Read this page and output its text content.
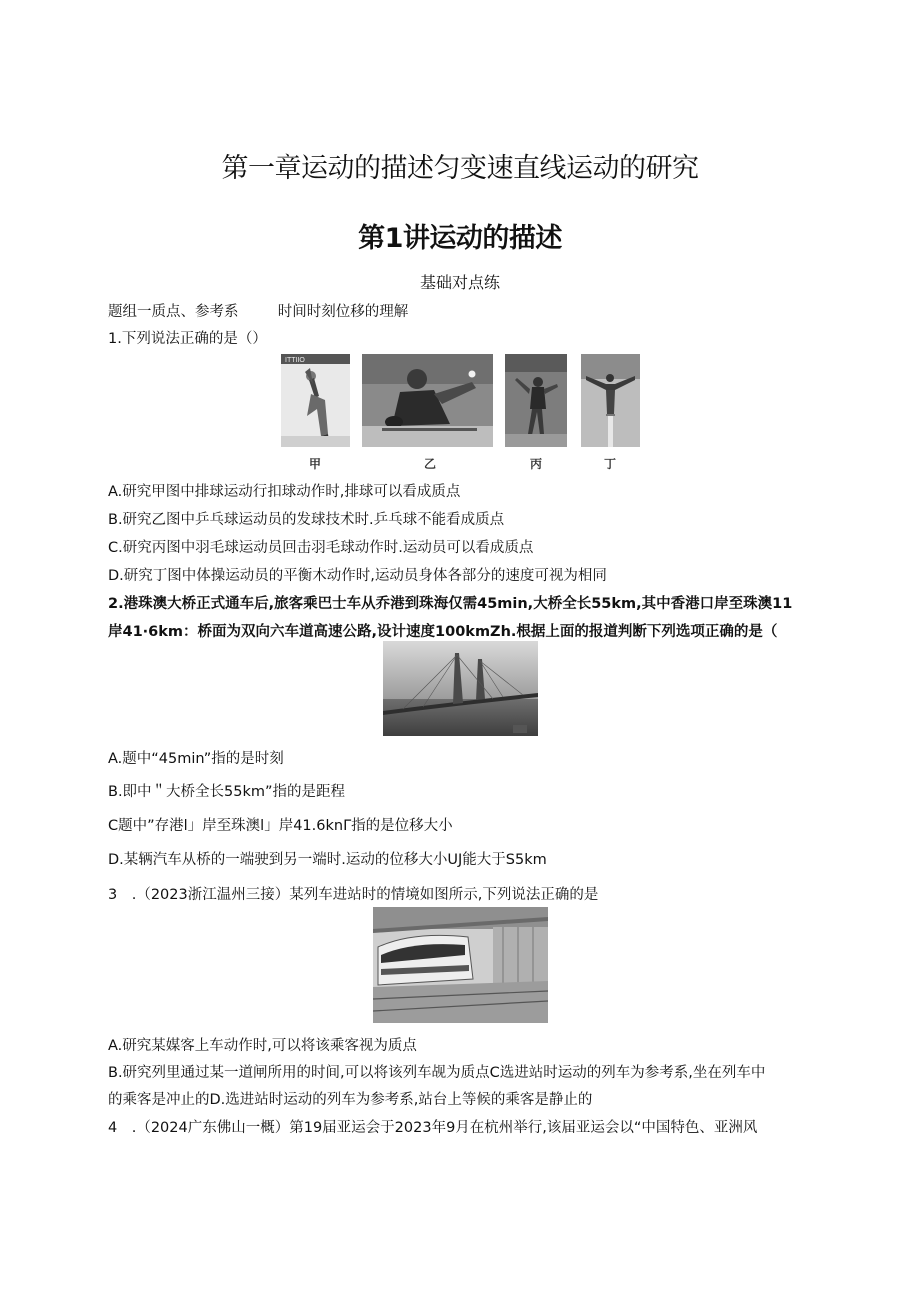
第一章运动的描述匀变速直线运动的研究
第1讲运动的描述
基础对点练
题组一质点、参考系	时间时刻位移的理解
1.下列说法正确的是（）
ITTIIO
甲	乙	丙	丁
A.研究甲图中排球运动行扣球动作时,排球可以看成质点
B.研究乙图中乒乓球运动员的发球技术时.乒乓球不能看成质点
C.研究丙图中羽毛球运动员回击羽毛球动作时.运动员可以看成质点
D.研究丁图中体操运动员的平衡木动作时,运动员身体各部分的速度可视为相同
2.港珠澳大桥正式通车后,旅客乘巴士车从乔港到珠海仅需45min,大桥全长55km,其中香港口岸至珠澳11
岸41·6km：桥面为双向六车道高速公路,设计速度100kmZh.根据上面的报道判断下列选项正确的是（
A.题中“45min”指的是时刻
B.即中＂大桥全长55km”指的是距程
C题中”存港l」岸至珠澳l」岸41.6knΓ指的是位移大小
D.某辆汽车从桥的一端驶到另一端时.运动的位移大小UJ能大于S5km
3　.（2023浙江温州三接）某列车进站时的情境如图所示,下列说法正确的是
A.研究某媒客上车动作时,可以将该乘客视为质点
B.研究列里通过某一道闸所用的时间,可以将该列车觇为质点C选进站时运动的列车为参考系,坐在列车中
的乘客是冲止的D.选进站时运动的列车为参考系,站台上等候的乘客是静止的
4　.（2024广东佛山一概）第19届亚运会于2023年9月在杭州举行,该届亚运会以“中国特色、亚洲风
